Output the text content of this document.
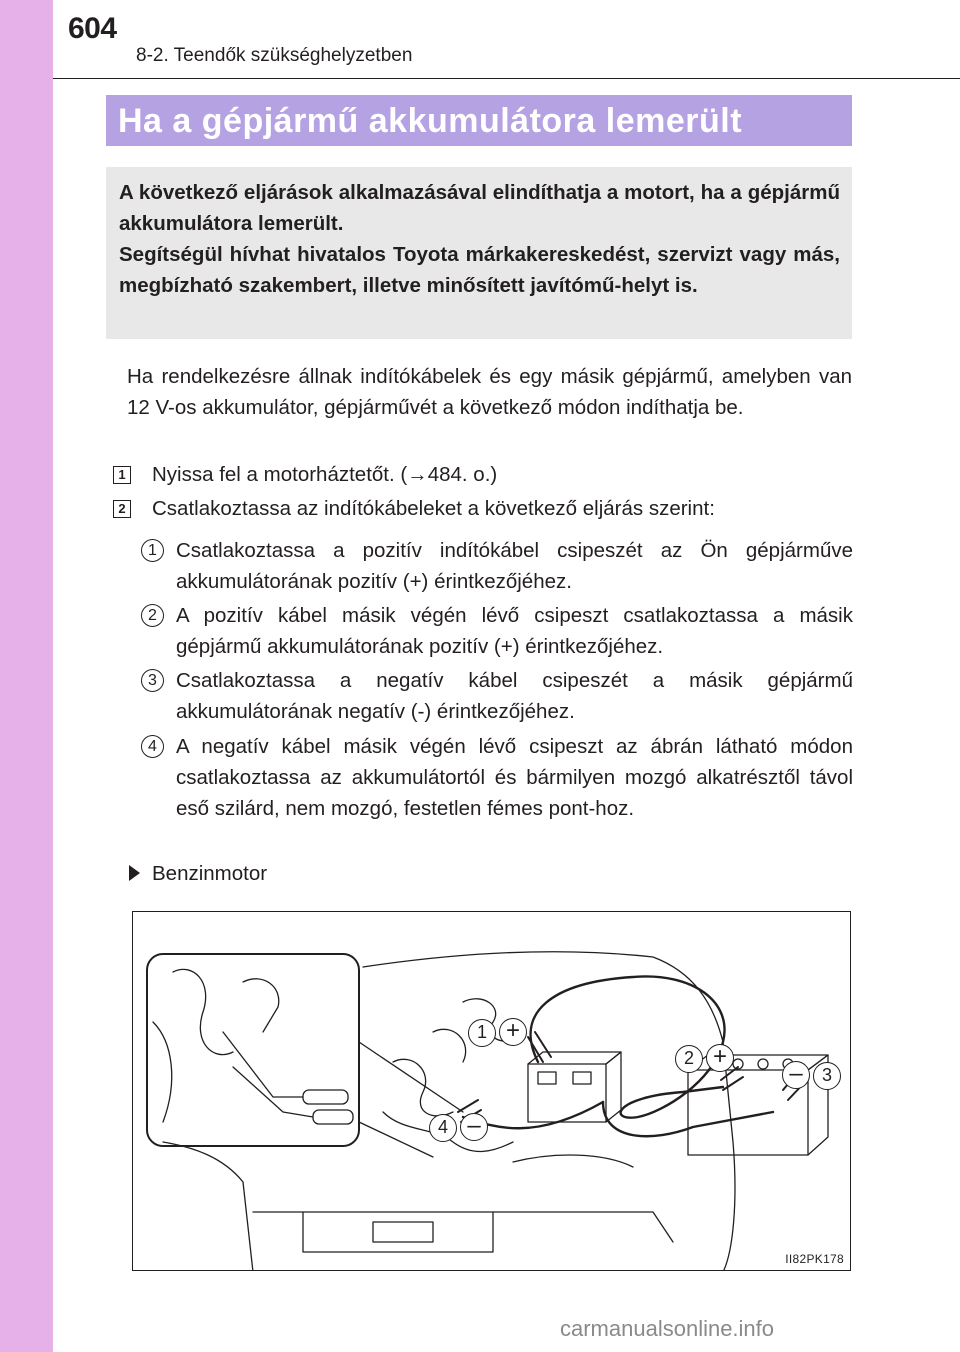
604
8-2. Teendők szükséghelyzetben
Ha a gépjármű akkumulátora lemerült

A következő eljárások alkalmazásával elindíthatja a motort, ha a gépjármű akkumulátora lemerült.
Segítségül hívhat hivatalos Toyota márkakereskedést, szervizt vagy más, megbízható szakembert, illetve minősített javítómű-helyt is.

Ha rendelkezésre állnak indítókábelek és egy másik gépjármű, amelyben van 12 V-os akkumulátor, gépjárművét a következő módon indíthatja be.

1 Nyissa fel a motorháztetőt. (→484. o.)
2 Csatlakoztassa az indítókábeleket a következő eljárás szerint:
1 Csatlakoztassa a pozitív indítókábel csipeszét az Ön gépjárműve akkumulátorának pozitív (+) érintkezőjéhez.

2 A pozitív kábel másik végén lévő csipeszt csatlakoztassa a másik gépjármű akkumulátorának pozitív (+) érintkezőjéhez.

3 Csatlakoztassa a negatív kábel csipeszét a másik gépjármű akkumulátorának negatív (-) érintkezőjéhez.

4 A negatív kábel másik végén lévő csipeszt az ábrán látható módon csatlakoztassa az akkumulátortól és bármilyen mozgó alkatrésztől távol eső szilárd, nem mozgó, festetlen fémes pont-hoz.

Benzinmotor
1 +
2 +
–	3
4 –
II82PK178
carmanualsonline.info
